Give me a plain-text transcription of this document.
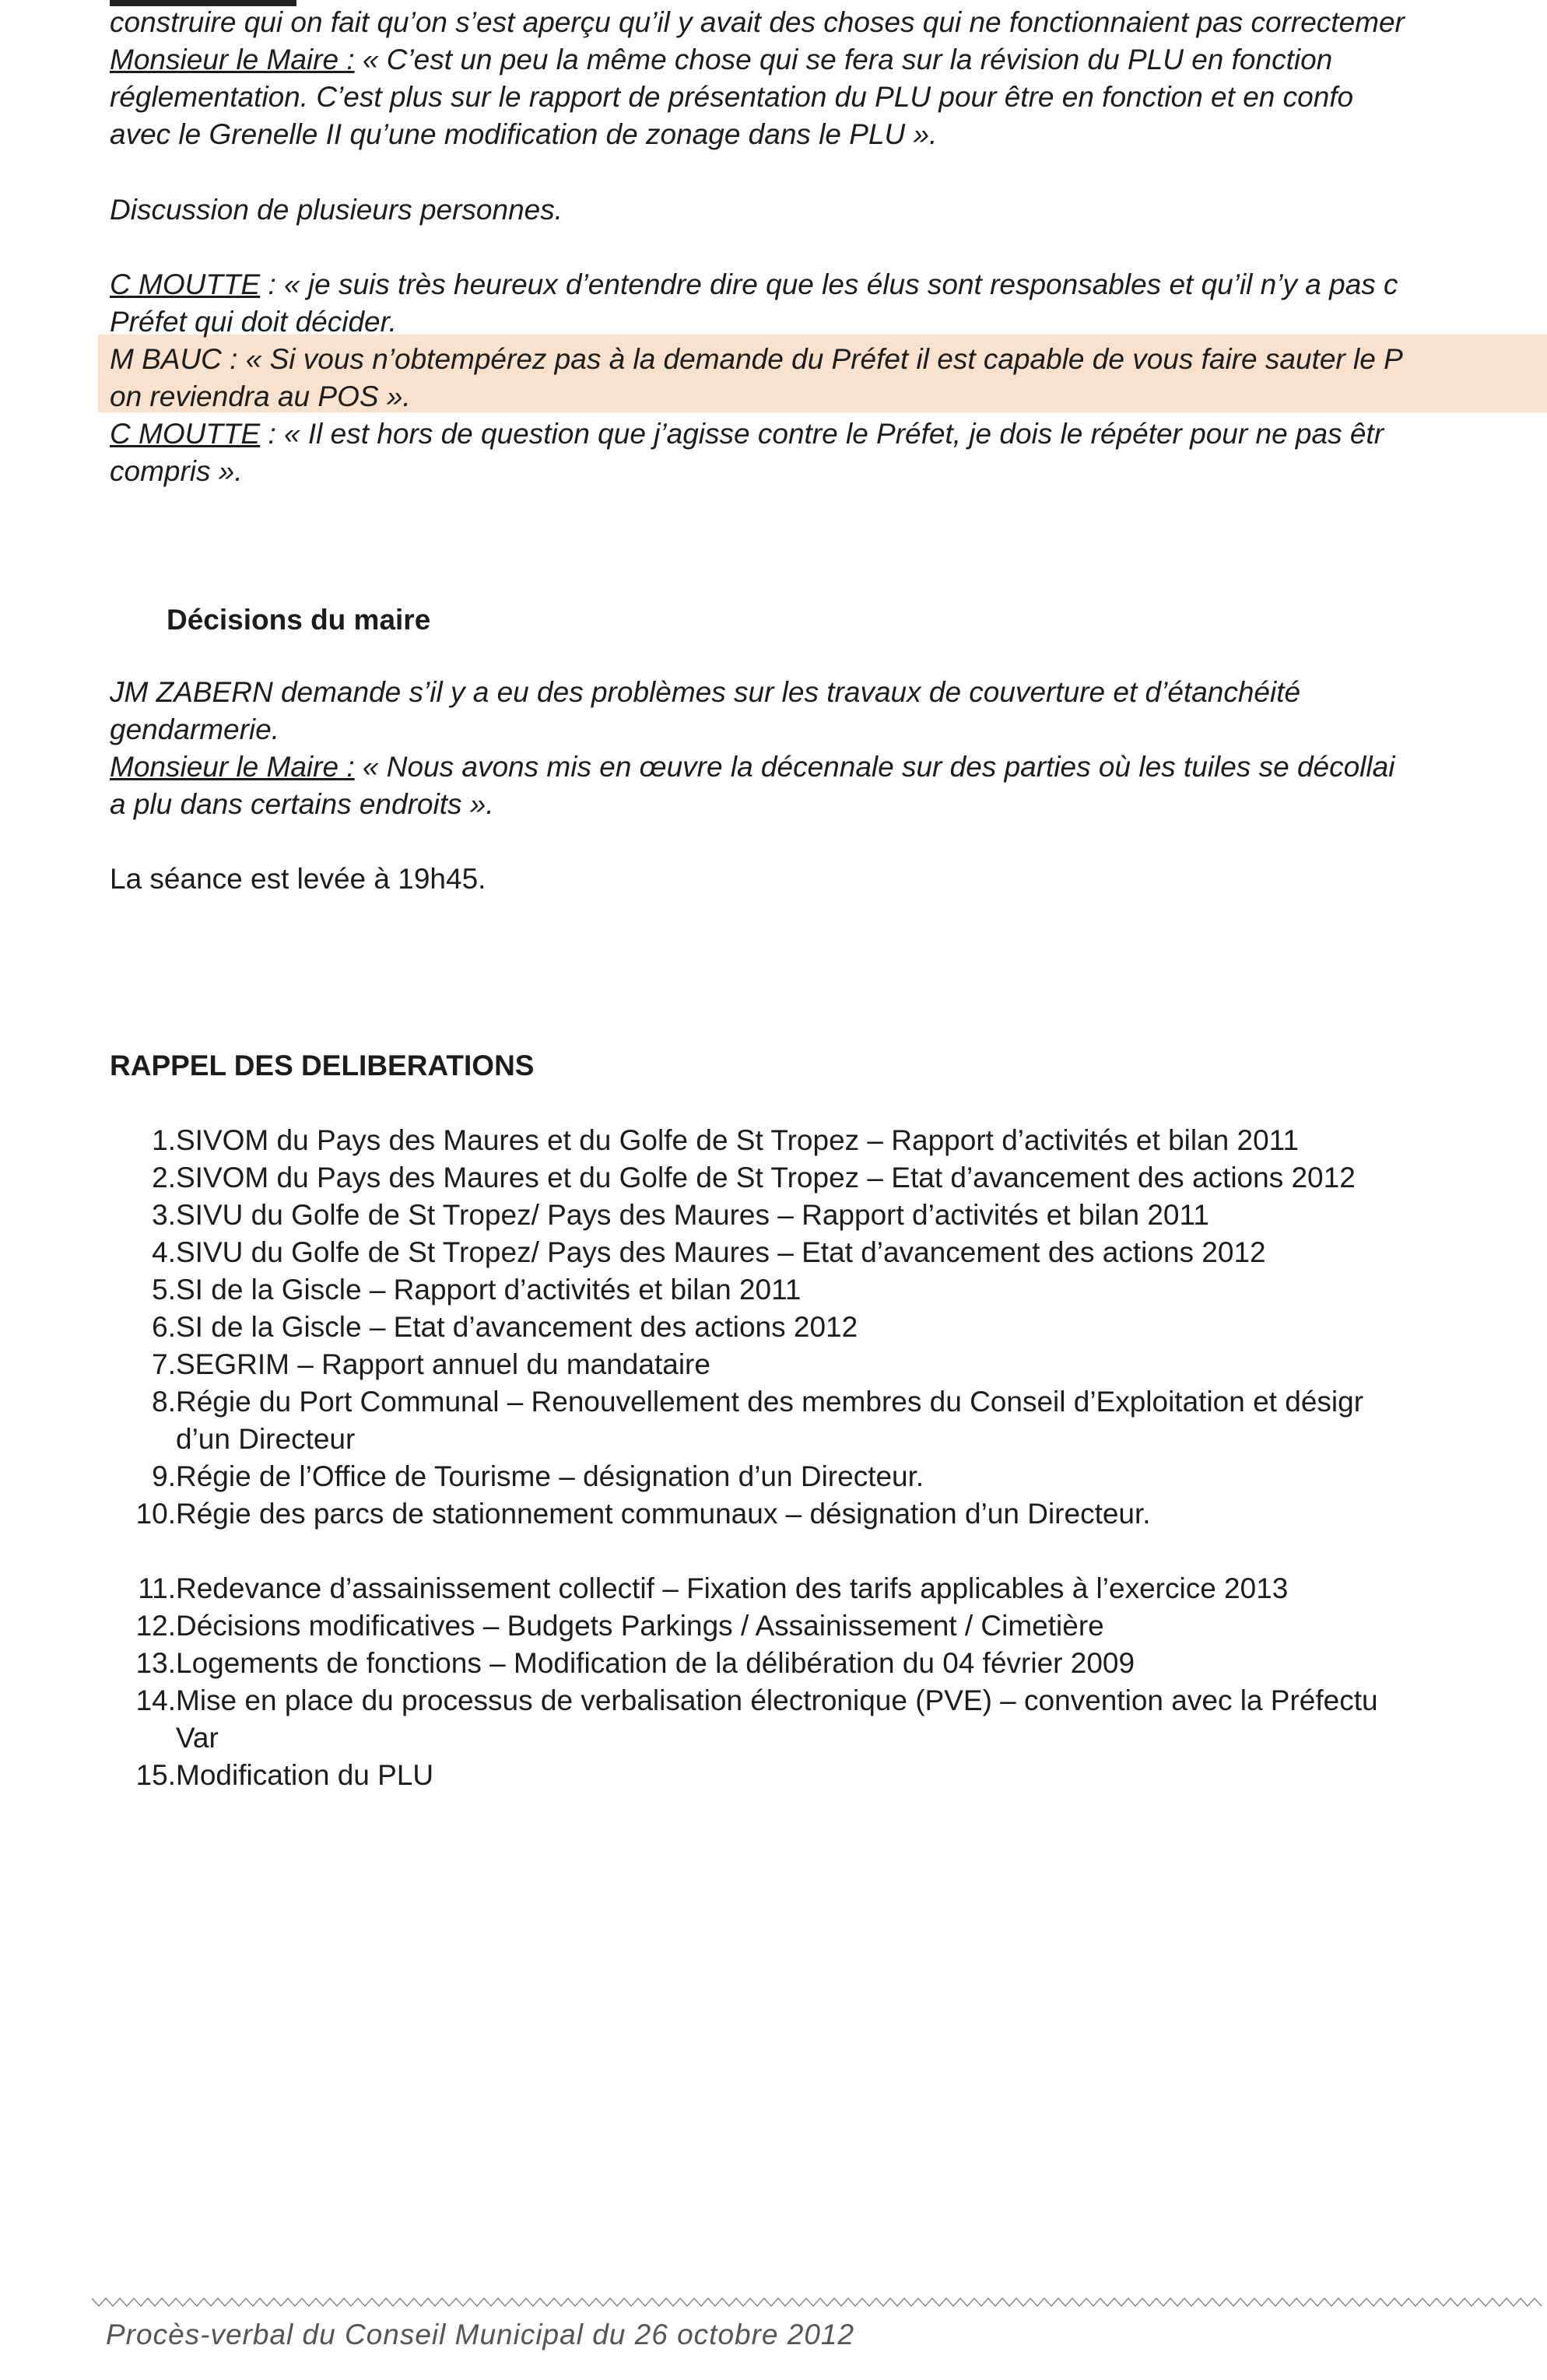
construire qui on fait qu’on s’est aperçu qu’il y avait des choses qui ne fonctionnaient pas correctemer
Monsieur le Maire : « C’est un peu la même chose qui se fera sur la révision du PLU en fonction
réglementation. C’est plus sur le rapport de présentation du PLU pour être en fonction et en confo
avec le Grenelle II qu’une modification de zonage dans le PLU ».
Discussion de plusieurs personnes.
C MOUTTE : « je suis très heureux d’entendre dire que les élus sont responsables et qu’il n’y a pas c
Préfet qui doit décider.
M BAUC : « Si vous n’obtempérez pas à la demande du Préfet il est capable de vous faire sauter le P
on reviendra au POS ».
C MOUTTE : « Il est hors de question que j’agisse contre le Préfet, je dois le répéter pour ne pas êtr
compris ».
Décisions du maire
JM ZABERN demande s’il y a eu des problèmes sur les travaux de couverture et d’étanchéité
gendarmerie.
Monsieur le Maire : « Nous avons mis en œuvre la décennale sur des parties où les tuiles se décollai
a plu dans certains endroits ».
La séance est levée à 19h45.
RAPPEL DES DELIBERATIONS
1. SIVOM du Pays des Maures et du Golfe de St Tropez – Rapport d’activités et bilan 2011
2. SIVOM du Pays des Maures et du Golfe de St Tropez – Etat d’avancement des actions 2012
3. SIVU du Golfe de St Tropez/ Pays des Maures – Rapport d’activités et bilan 2011
4. SIVU du Golfe de St Tropez/ Pays des Maures – Etat d’avancement des actions 2012
5. SI de la Giscle – Rapport d’activités et bilan 2011
6. SI de la Giscle – Etat d’avancement des actions 2012
7. SEGRIM – Rapport annuel du mandataire
8. Régie du Port Communal – Renouvellement des membres du Conseil d’Exploitation et désigr
d’un Directeur
9. Régie de l’Office de Tourisme – désignation d’un Directeur.
10. Régie des parcs de stationnement communaux – désignation d’un Directeur.
11. Redevance d’assainissement collectif – Fixation des tarifs applicables à l’exercice 2013
12. Décisions modificatives – Budgets Parkings / Assainissement / Cimetière
13. Logements de fonctions – Modification de la délibération du 04 février 2009
14. Mise en place du processus de verbalisation électronique (PVE) – convention avec la Préfectu
Var
15. Modification du PLU
Procès-verbal du Conseil Municipal du 26 octobre 2012
